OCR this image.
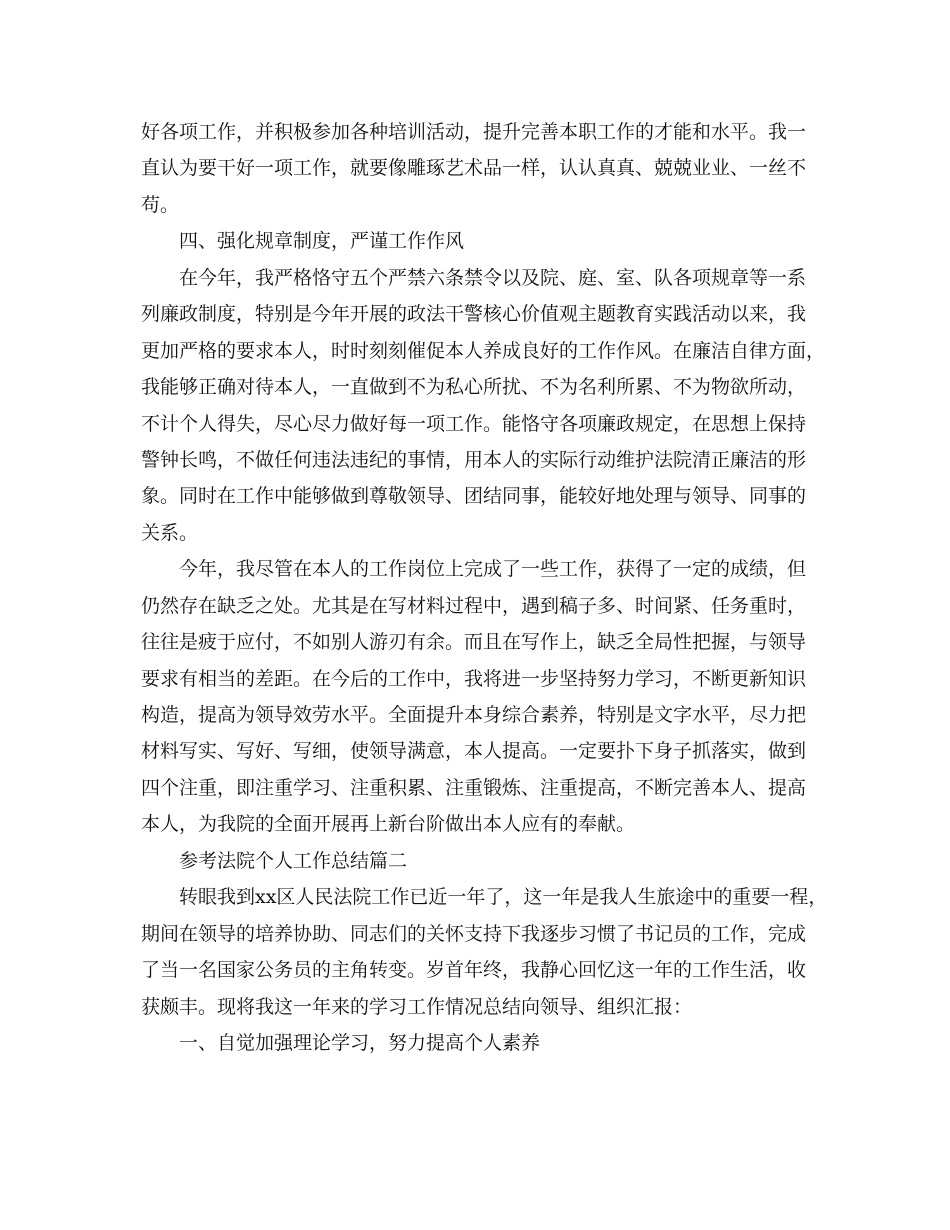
好各项工作，并积极参加各种培训活动，提升完善本职工作的才能和水平。我一
直认为要干好一项工作，就要像雕琢艺术品一样，认认真真、兢兢业业、一丝不
苟。
四、强化规章制度，严谨工作作风
在今年，我严格恪守五个严禁六条禁令以及院、庭、室、队各项规章等一系
列廉政制度，特别是今年开展的政法干警核心价值观主题教育实践活动以来，我
更加严格的要求本人，时时刻刻催促本人养成良好的工作作风。在廉洁自律方面，
我能够正确对待本人，一直做到不为私心所扰、不为名利所累、不为物欲所动，
不计个人得失，尽心尽力做好每一项工作。能恪守各项廉政规定，在思想上保持
警钟长鸣，不做任何违法违纪的事情，用本人的实际行动维护法院清正廉洁的形
象。同时在工作中能够做到尊敬领导、团结同事，能较好地处理与领导、同事的
关系。
今年，我尽管在本人的工作岗位上完成了一些工作，获得了一定的成绩，但
仍然存在缺乏之处。尤其是在写材料过程中，遇到稿子多、时间紧、任务重时，
往往是疲于应付，不如别人游刃有余。而且在写作上，缺乏全局性把握，与领导
要求有相当的差距。在今后的工作中，我将进一步坚持努力学习，不断更新知识
构造，提高为领导效劳水平。全面提升本身综合素养，特别是文字水平，尽力把
材料写实、写好、写细，使领导满意，本人提高。一定要扑下身子抓落实，做到
四个注重，即注重学习、注重积累、注重锻炼、注重提高，不断完善本人、提高
本人，为我院的全面开展再上新台阶做出本人应有的奉献。
参考法院个人工作总结篇二
转眼我到xx区人民法院工作已近一年了，这一年是我人生旅途中的重要一程，
期间在领导的培养协助、同志们的关怀支持下我逐步习惯了书记员的工作，完成
了当一名国家公务员的主角转变。岁首年终，我静心回忆这一年的工作生活，收
获颇丰。现将我这一年来的学习工作情况总结向领导、组织汇报：
一、自觉加强理论学习，努力提高个人素养
